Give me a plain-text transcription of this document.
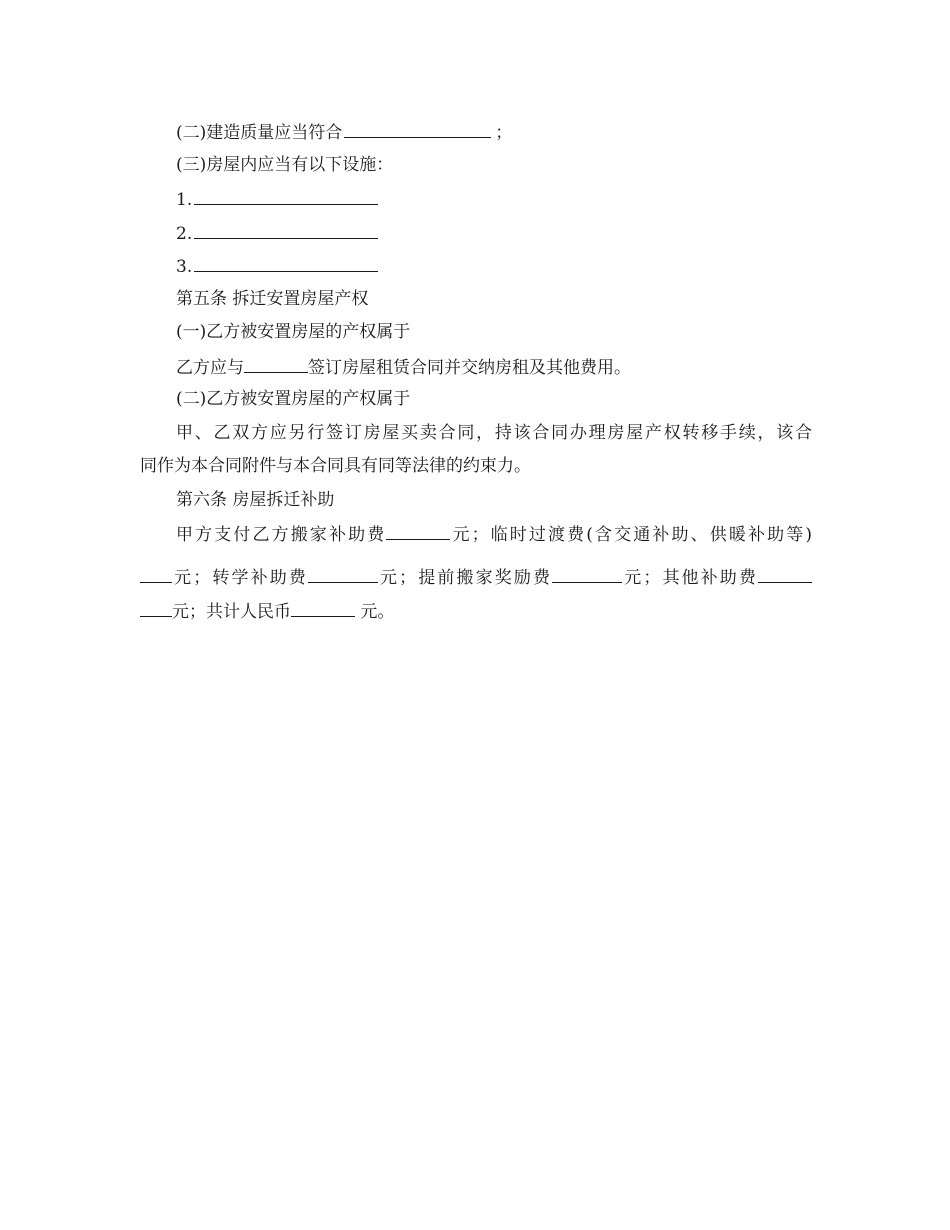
(二)建造质量应当符合	；
(三)房屋内应当有以下设施：
1.
2.
3.
第五条 拆迁安置房屋产权
(一)乙方被安置房屋的产权属于
乙方应与	签订房屋租赁合同并交纳房租及其他费用。
(二)乙方被安置房屋的产权属于
甲、乙双方应另行签订房屋买卖合同，持该合同办理房屋产权转移手续，该合
同作为本合同附件与本合同具有同等法律的约束力。
第六条 房屋拆迁补助
甲方支付乙方搬家补助费	元；临时过渡费(含交通补助、供暖补助等)
元；转学补助费	元；提前搬家奖励费	元；其他补助费
元；共计人民币	元。
